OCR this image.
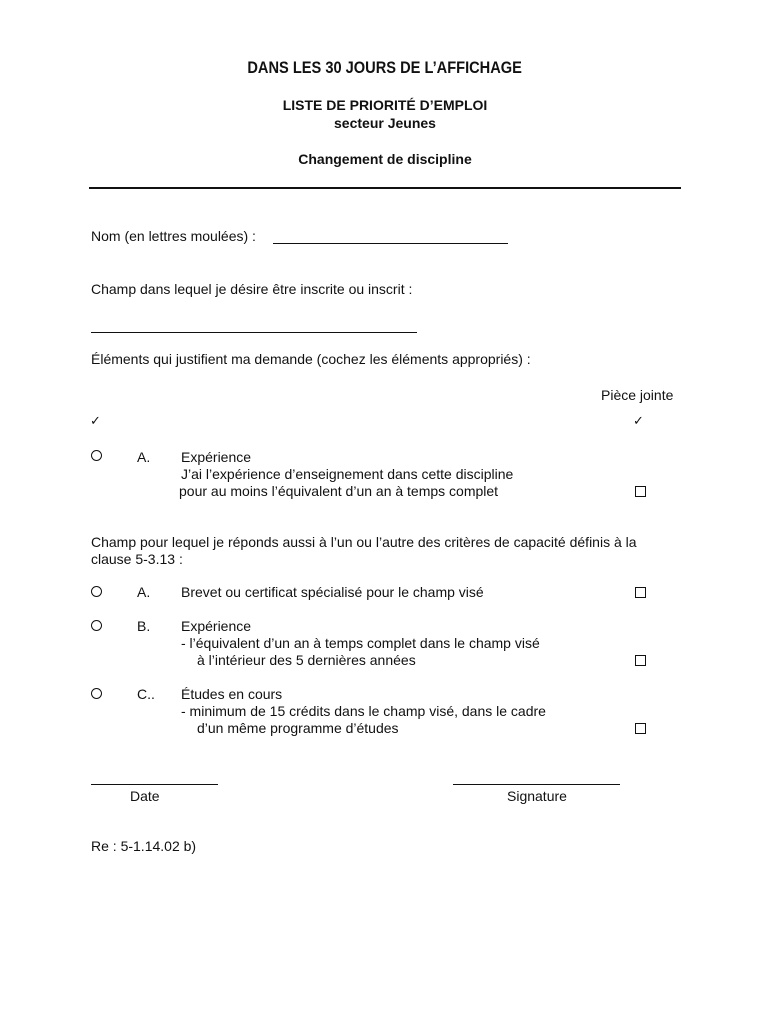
DANS LES 30 JOURS DE L’AFFICHAGE
LISTE DE PRIORITÉ D’EMPLOI
secteur Jeunes
Changement de discipline
Nom (en lettres moulées) :
Champ dans lequel je désire être inscrite ou inscrit :
Éléments qui justifient ma demande (cochez les éléments appropriés) :
Pièce jointe
✓	✓
A. Expérience
J’ai l’expérience d’enseignement dans cette discipline
pour au moins l’équivalent d’un an à temps complet
Champ pour lequel je réponds aussi à l’un ou l’autre des critères de capacité définis à la
clause 5-3.13 :
A. Brevet ou certificat spécialisé pour le champ visé
B. Expérience
- l’équivalent d’un an à temps complet dans le champ visé
à l’intérieur des 5 dernières années
C.. Études en cours
- minimum de 15 crédits dans le champ visé, dans le cadre
d’un même programme d’études
Date	Signature
Re : 5-1.14.02 b)
